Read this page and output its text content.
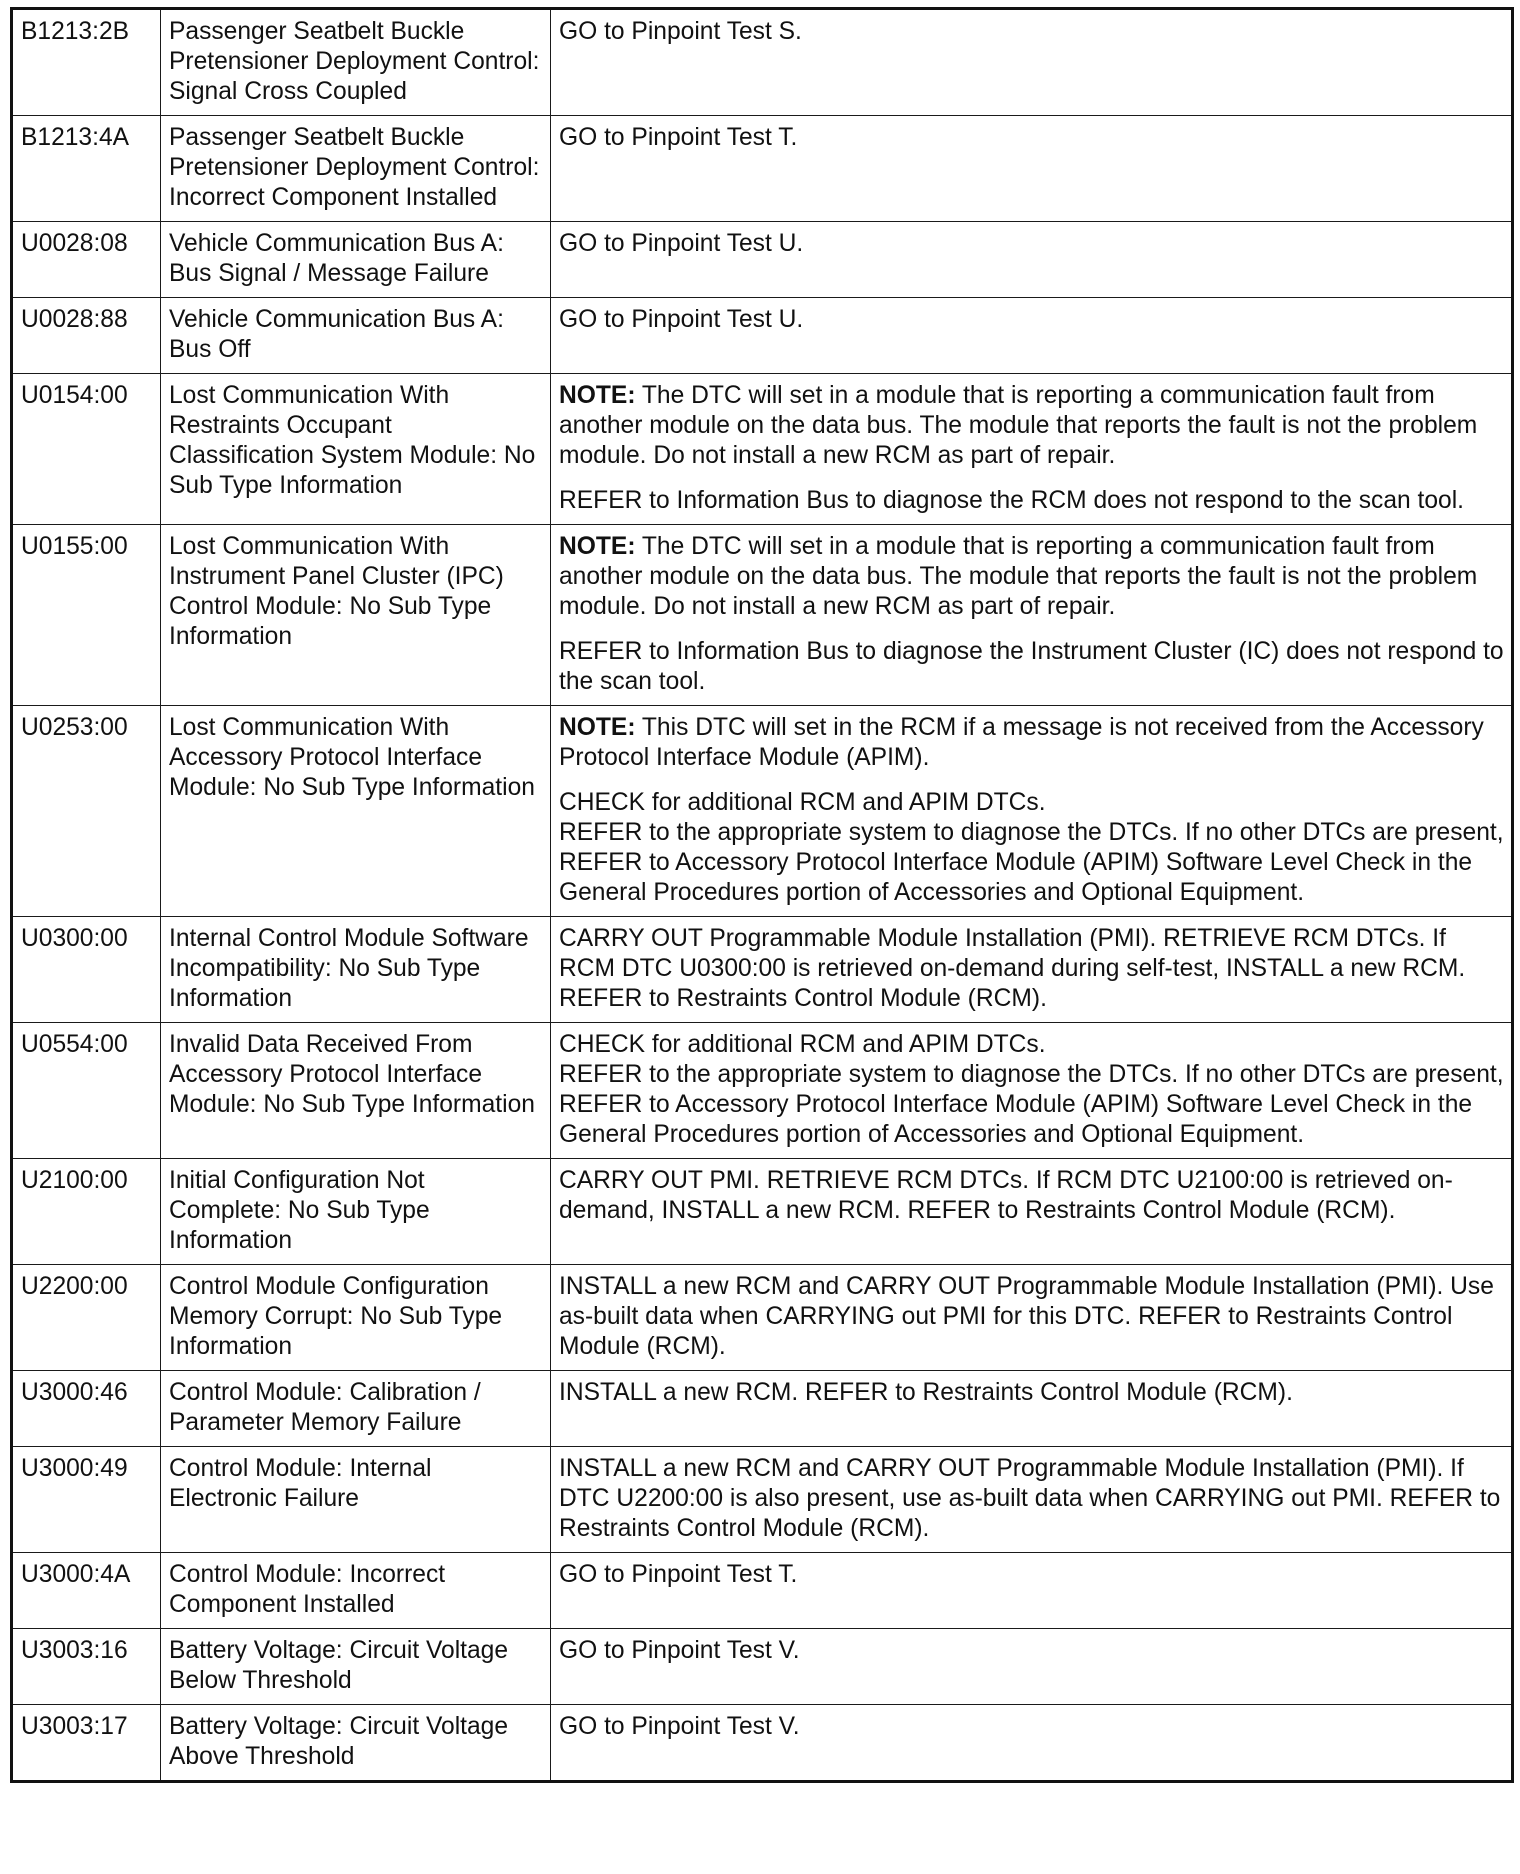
B1213:2B	Passenger Seatbelt Buckle Pretensioner Deployment Control: Signal Cross Coupled	GO to Pinpoint Test S.

B1213:4A	Passenger Seatbelt Buckle Pretensioner Deployment Control: Incorrect Component Installed	GO to Pinpoint Test T.

U0028:08	Vehicle Communication Bus A: Bus Signal / Message Failure	GO to Pinpoint Test U.

U0028:88	Vehicle Communication Bus A: Bus Off	GO to Pinpoint Test U.

U0154:00	Lost Communication With Restraints Occupant Classification System Module: No Sub Type Information	NOTE: The DTC will set in a module that is reporting a communication fault from another module on the data bus. The module that reports the fault is not the problem module. Do not install a new RCM as part of repair.
REFER to Information Bus to diagnose the RCM does not respond to the scan tool.

U0155:00	Lost Communication With Instrument Panel Cluster (IPC) Control Module: No Sub Type Information	NOTE: The DTC will set in a module that is reporting a communication fault from another module on the data bus. The module that reports the fault is not the problem module. Do not install a new RCM as part of repair.
REFER to Information Bus to diagnose the Instrument Cluster (IC) does not respond to the scan tool.

U0253:00	Lost Communication With Accessory Protocol Interface Module: No Sub Type Information	NOTE: This DTC will set in the RCM if a message is not received from the Accessory Protocol Interface Module (APIM).
CHECK for additional RCM and APIM DTCs.
REFER to the appropriate system to diagnose the DTCs. If no other DTCs are present, REFER to Accessory Protocol Interface Module (APIM) Software Level Check in the General Procedures portion of Accessories and Optional Equipment.

U0300:00	Internal Control Module Software Incompatibility: No Sub Type Information	CARRY OUT Programmable Module Installation (PMI). RETRIEVE RCM DTCs. If RCM DTC U0300:00 is retrieved on-demand during self-test, INSTALL a new RCM. REFER to Restraints Control Module (RCM).

U0554:00	Invalid Data Received From Accessory Protocol Interface Module: No Sub Type Information	CHECK for additional RCM and APIM DTCs.
REFER to the appropriate system to diagnose the DTCs. If no other DTCs are present, REFER to Accessory Protocol Interface Module (APIM) Software Level Check in the General Procedures portion of Accessories and Optional Equipment.

U2100:00	Initial Configuration Not Complete: No Sub Type Information	CARRY OUT PMI. RETRIEVE RCM DTCs. If RCM DTC U2100:00 is retrieved on-demand, INSTALL a new RCM. REFER to Restraints Control Module (RCM).

U2200:00	Control Module Configuration Memory Corrupt: No Sub Type Information	INSTALL a new RCM and CARRY OUT Programmable Module Installation (PMI). Use as-built data when CARRYING out PMI for this DTC. REFER to Restraints Control Module (RCM).

U3000:46	Control Module: Calibration / Parameter Memory Failure	INSTALL a new RCM. REFER to Restraints Control Module (RCM).

U3000:49	Control Module: Internal Electronic Failure	INSTALL a new RCM and CARRY OUT Programmable Module Installation (PMI). If DTC U2200:00 is also present, use as-built data when CARRYING out PMI. REFER to Restraints Control Module (RCM).

U3000:4A	Control Module: Incorrect Component Installed	GO to Pinpoint Test T.

U3003:16	Battery Voltage: Circuit Voltage Below Threshold	GO to Pinpoint Test V.

U3003:17	Battery Voltage: Circuit Voltage Above Threshold	GO to Pinpoint Test V.
